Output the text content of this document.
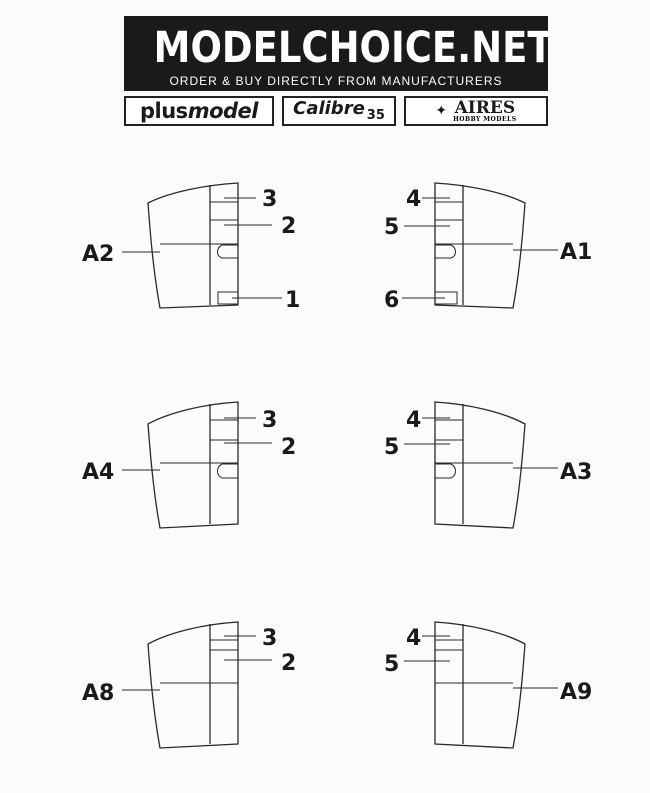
MODELCHOICE.NET
ORDER & BUY DIRECTLY FROM MANUFACTURERS
plus model Calibre 35	✦ AIRES
HOBBY MODELS
3
2
1
A2
4
5
6
A1
3
2
A4
4
5
A3
3
2
A8
4
5
A9
